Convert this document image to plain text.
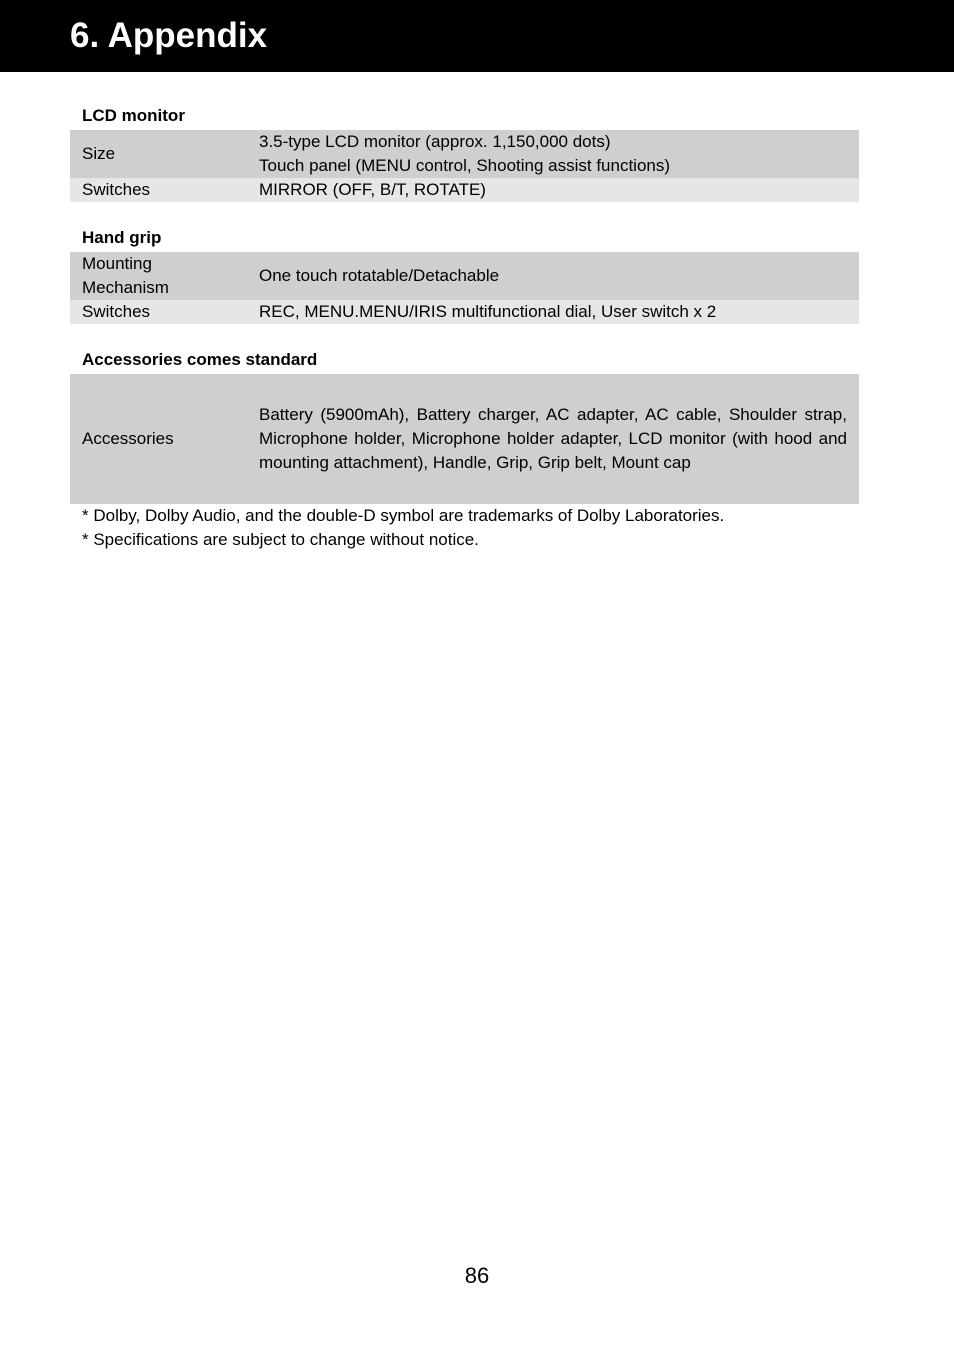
6. Appendix
LCD monitor
Size	3.5-type LCD monitor (approx. 1,150,000 dots)
Touch panel (MENU control, Shooting assist functions)

Switches	MIRROR (OFF, B/T, ROTATE)
Hand grip
Mounting
Mechanism	One touch rotatable/Detachable
Switches	REC, MENU.MENU/IRIS multifunctional dial, User switch x 2
Accessories comes standard
Accessories	Battery (5900mAh), Battery charger, AC adapter, AC cable, Shoulder strap, Microphone holder, Microphone holder adapter, LCD monitor (with hood and mounting attachment), Handle, Grip, Grip belt, Mount cap
* Dolby, Dolby Audio, and the double-D symbol are trademarks of Dolby Laboratories.
* Specifications are subject to change without notice.
86
